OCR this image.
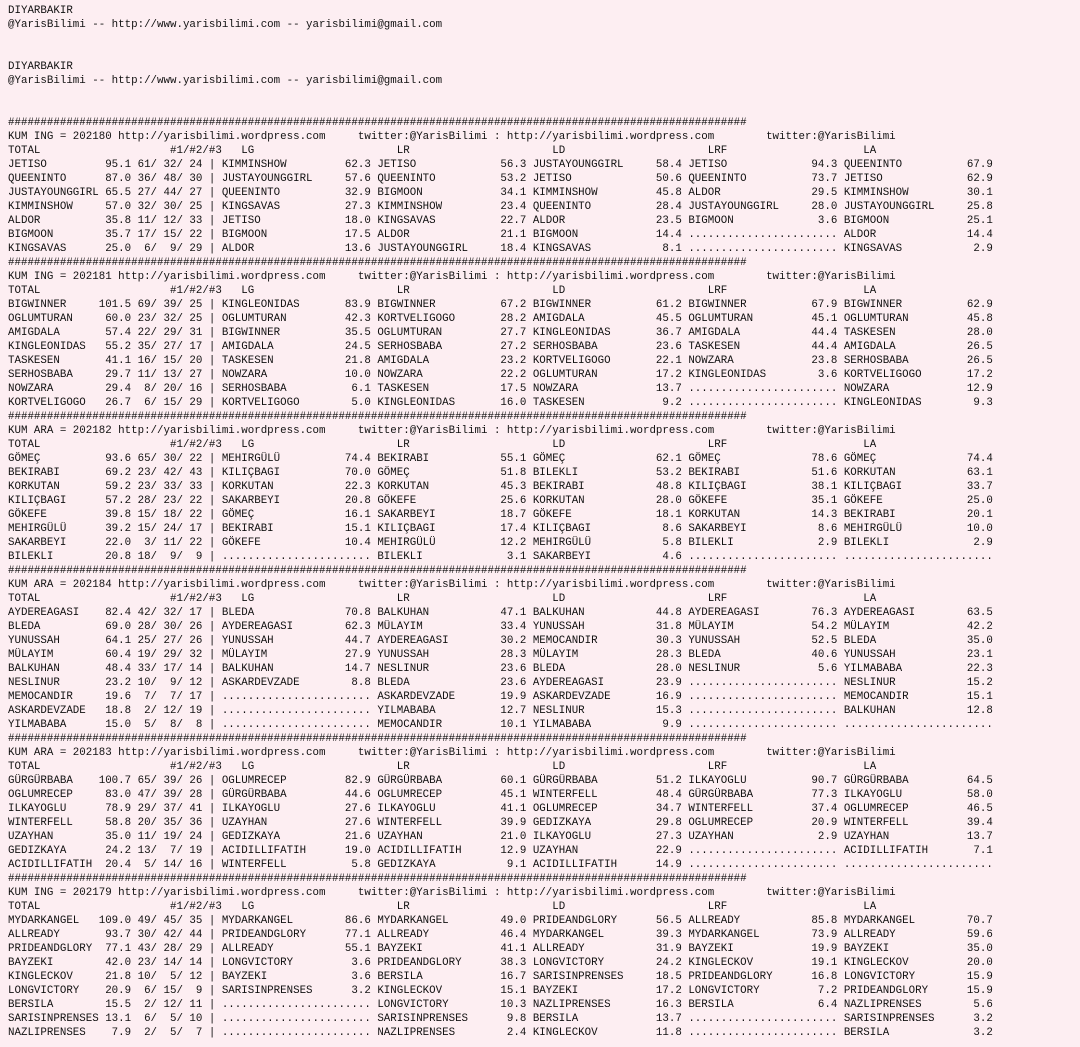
DIYARBAKIR
@YarisBilimi -- http://www.yarisbilimi.com -- yarisbilimi@gmail.com

DIYARBAKIR
@YarisBilimi -- http://www.yarisbilimi.com -- yarisbilimi@gmail.com

##################################################################################################################
KUM ING = 202180 http://yarisbilimi.wordpress.com     twitter:@YarisBilimi : http://yarisbilimi.wordpress.com        twitter:@YarisBilimi
TOTAL                    #1/#2/#3   LG                      LR                      LD                      LRF                     LA
JETISO         95.1 61/ 32/ 24 | KIMMINSHOW         62.3 JETISO             56.3 JUSTAYOUNGGIRL     58.4 JETISO             94.3 QUEENINTO          67.9
QUEENINTO      87.0 36/ 48/ 30 | JUSTAYOUNGGIRL     57.6 QUEENINTO          53.2 JETISO             50.6 QUEENINTO          73.7 JETISO             62.9
JUSTAYOUNGGIRL 65.5 27/ 44/ 27 | QUEENINTO          32.9 BIGMOON            34.1 KIMMINSHOW         45.8 ALDOR              29.5 KIMMINSHOW         30.1
KIMMINSHOW     57.0 32/ 30/ 25 | KINGSAVAS          27.3 KIMMINSHOW         23.4 QUEENINTO          28.4 JUSTAYOUNGGIRL     28.0 JUSTAYOUNGGIRL     25.8
ALDOR          35.8 11/ 12/ 33 | JETISO             18.0 KINGSAVAS          22.7 ALDOR              23.5 BIGMOON             3.6 BIGMOON            25.1
BIGMOON        35.7 17/ 15/ 22 | BIGMOON            17.5 ALDOR              21.1 BIGMOON            14.4 ....................... ALDOR              14.4
KINGSAVAS      25.0  6/  9/ 29 | ALDOR              13.6 JUSTAYOUNGGIRL     18.4 KINGSAVAS           8.1 ....................... KINGSAVAS           2.9
##################################################################################################################
KUM ING = 202181 http://yarisbilimi.wordpress.com     twitter:@YarisBilimi : http://yarisbilimi.wordpress.com        twitter:@YarisBilimi
TOTAL                    #1/#2/#3   LG                      LR                      LD                      LRF                     LA
BIGWINNER     101.5 69/ 39/ 25 | KINGLEONIDAS       83.9 BIGWINNER          67.2 BIGWINNER          61.2 BIGWINNER          67.9 BIGWINNER          62.9
OGLUMTURAN     60.0 23/ 32/ 25 | OGLUMTURAN         42.3 KORTVELIGOGO       28.2 AMIGDALA           45.5 OGLUMTURAN         45.1 OGLUMTURAN         45.8
AMIGDALA       57.4 22/ 29/ 31 | BIGWINNER          35.5 OGLUMTURAN         27.7 KINGLEONIDAS       36.7 AMIGDALA           44.4 TASKESEN           28.0
KINGLEONIDAS   55.2 35/ 27/ 17 | AMIGDALA           24.5 SERHOSBABA         27.2 SERHOSBABA         23.6 TASKESEN           44.4 AMIGDALA           26.5
TASKESEN       41.1 16/ 15/ 20 | TASKESEN           21.8 AMIGDALA           23.2 KORTVELIGOGO       22.1 NOWZARA            23.8 SERHOSBABA         26.5
SERHOSBABA     29.7 11/ 13/ 27 | NOWZARA            10.0 NOWZARA            22.2 OGLUMTURAN         17.2 KINGLEONIDAS        3.6 KORTVELIGOGO       17.2
NOWZARA        29.4  8/ 20/ 16 | SERHOSBABA          6.1 TASKESEN           17.5 NOWZARA            13.7 ....................... NOWZARA            12.9
KORTVELIGOGO   26.7  6/ 15/ 29 | KORTVELIGOGO        5.0 KINGLEONIDAS       16.0 TASKESEN            9.2 ....................... KINGLEONIDAS        9.3
##################################################################################################################
KUM ARA = 202182 http://yarisbilimi.wordpress.com     twitter:@YarisBilimi : http://yarisbilimi.wordpress.com        twitter:@YarisBilimi
TOTAL                    #1/#2/#3   LG                      LR                      LD                      LRF                     LA
GÖMEÇ          93.6 65/ 30/ 22 | MEHIRGÜLÜ          74.4 BEKIRABI           55.1 GÖMEÇ              62.1 GÖMEÇ              78.6 GÖMEÇ              74.4
BEKIRABI       69.2 23/ 42/ 43 | KILIÇBAGI          70.0 GÖMEÇ              51.8 BILEKLI            53.2 BEKIRABI           51.6 KORKUTAN           63.1
KORKUTAN       59.2 23/ 33/ 33 | KORKUTAN           22.3 KORKUTAN           45.3 BEKIRABI           48.8 KILIÇBAGI          38.1 KILIÇBAGI          33.7
KILIÇBAGI      57.2 28/ 23/ 22 | SAKARBEYI          20.8 GÖKEFE             25.6 KORKUTAN           28.0 GÖKEFE             35.1 GÖKEFE             25.0
GÖKEFE         39.8 15/ 18/ 22 | GÖMEÇ              16.1 SAKARBEYI          18.7 GÖKEFE             18.1 KORKUTAN           14.3 BEKIRABI           20.1
MEHIRGÜLÜ      39.2 15/ 24/ 17 | BEKIRABI           15.1 KILIÇBAGI          17.4 KILIÇBAGI           8.6 SAKARBEYI           8.6 MEHIRGÜLÜ          10.0
SAKARBEYI      22.0  3/ 11/ 22 | GÖKEFE             10.4 MEHIRGÜLÜ          12.2 MEHIRGÜLÜ           5.8 BILEKLI             2.9 BILEKLI             2.9
BILEKLI        20.8 18/  9/  9 | ....................... BILEKLI             3.1 SAKARBEYI           4.6 ....................... .......................
##################################################################################################################
KUM ARA = 202184 http://yarisbilimi.wordpress.com     twitter:@YarisBilimi : http://yarisbilimi.wordpress.com        twitter:@YarisBilimi
TOTAL                    #1/#2/#3   LG                      LR                      LD                      LRF                     LA
AYDEREAGASI    82.4 42/ 32/ 17 | BLEDA              70.8 BALKUHAN           47.1 BALKUHAN           44.8 AYDEREAGASI        76.3 AYDEREAGASI        63.5
BLEDA          69.0 28/ 30/ 26 | AYDEREAGASI        62.3 MÜLAYIM            33.4 YUNUSSAH           31.8 MÜLAYIM            54.2 MÜLAYIM            42.2
YUNUSSAH       64.1 25/ 27/ 26 | YUNUSSAH           44.7 AYDEREAGASI        30.2 MEMOCANDIR         30.3 YUNUSSAH           52.5 BLEDA              35.0
MÜLAYIM        60.4 19/ 29/ 32 | MÜLAYIM            27.9 YUNUSSAH           28.3 MÜLAYIM            28.3 BLEDA              40.6 YUNUSSAH           23.1
BALKUHAN       48.4 33/ 17/ 14 | BALKUHAN           14.7 NESLINUR           23.6 BLEDA              28.0 NESLINUR            5.6 YILMABABA          22.3
NESLINUR       23.2 10/  9/ 12 | ASKARDEVZADE        8.8 BLEDA              23.6 AYDEREAGASI        23.9 ....................... NESLINUR           15.2
MEMOCANDIR     19.6  7/  7/ 17 | ....................... ASKARDEVZADE       19.9 ASKARDEVZADE       16.9 ....................... MEMOCANDIR         15.1
ASKARDEVZADE   18.8  2/ 12/ 19 | ....................... YILMABABA          12.7 NESLINUR           15.3 ....................... BALKUHAN           12.8
YILMABABA      15.0  5/  8/  8 | ....................... MEMOCANDIR         10.1 YILMABABA           9.9 ....................... .......................
##################################################################################################################
KUM ARA = 202183 http://yarisbilimi.wordpress.com     twitter:@YarisBilimi : http://yarisbilimi.wordpress.com        twitter:@YarisBilimi
TOTAL                    #1/#2/#3   LG                      LR                      LD                      LRF                     LA
GÜRGÜRBABA    100.7 65/ 39/ 26 | OGLUMRECEP         82.9 GÜRGÜRBABA         60.1 GÜRGÜRBABA         51.2 ILKAYOGLU          90.7 GÜRGÜRBABA         64.5
OGLUMRECEP     83.0 47/ 39/ 28 | GÜRGÜRBABA         44.6 OGLUMRECEP         45.1 WINTERFELL         48.4 GÜRGÜRBABA         77.3 ILKAYOGLU          58.0
ILKAYOGLU      78.9 29/ 37/ 41 | ILKAYOGLU          27.6 ILKAYOGLU          41.1 OGLUMRECEP         34.7 WINTERFELL         37.4 OGLUMRECEP         46.5
WINTERFELL     58.8 20/ 35/ 36 | UZAYHAN            27.6 WINTERFELL         39.9 GEDIZKAYA          29.8 OGLUMRECEP         20.9 WINTERFELL         39.4
UZAYHAN        35.0 11/ 19/ 24 | GEDIZKAYA          21.6 UZAYHAN            21.0 ILKAYOGLU          27.3 UZAYHAN             2.9 UZAYHAN            13.7
GEDIZKAYA      24.2 13/  7/ 19 | ACIDILLIFATIH      19.0 ACIDILLIFATIH      12.9 UZAYHAN            22.9 ....................... ACIDILLIFATIH       7.1
ACIDILLIFATIH  20.4  5/ 14/ 16 | WINTERFELL          5.8 GEDIZKAYA           9.1 ACIDILLIFATIH      14.9 ....................... .......................
##################################################################################################################
KUM ING = 202179 http://yarisbilimi.wordpress.com     twitter:@YarisBilimi : http://yarisbilimi.wordpress.com        twitter:@YarisBilimi
TOTAL                    #1/#2/#3   LG                      LR                      LD                      LRF                     LA
MYDARKANGEL   109.0 49/ 45/ 35 | MYDARKANGEL        86.6 MYDARKANGEL        49.0 PRIDEANDGLORY      56.5 ALLREADY           85.8 MYDARKANGEL        70.7
ALLREADY       93.7 30/ 42/ 44 | PRIDEANDGLORY      77.1 ALLREADY           46.4 MYDARKANGEL        39.3 MYDARKANGEL        73.9 ALLREADY           59.6
PRIDEANDGLORY  77.1 43/ 28/ 29 | ALLREADY           55.1 BAYZEKI            41.1 ALLREADY           31.9 BAYZEKI            19.9 BAYZEKI            35.0
BAYZEKI        42.0 23/ 14/ 14 | LONGVICTORY         3.6 PRIDEANDGLORY      38.3 LONGVICTORY        24.2 KINGLECKOV         19.1 KINGLECKOV         20.0
KINGLECKOV     21.8 10/  5/ 12 | BAYZEKI             3.6 BERSILA            16.7 SARISINPRENSES     18.5 PRIDEANDGLORY      16.8 LONGVICTORY        15.9
LONGVICTORY    20.9  6/ 15/  9 | SARISINPRENSES      3.2 KINGLECKOV         15.1 BAYZEKI            17.2 LONGVICTORY         7.2 PRIDEANDGLORY      15.9
BERSILA        15.5  2/ 12/ 11 | ....................... LONGVICTORY        10.3 NAZLIPRENSES       16.3 BERSILA             6.4 NAZLIPRENSES        5.6
SARISINPRENSES 13.1  6/  5/ 10 | ....................... SARISINPRENSES      9.8 BERSILA            13.7 ....................... SARISINPRENSES      3.2
NAZLIPRENSES    7.9  2/  5/  7 | ....................... NAZLIPRENSES        2.4 KINGLECKOV         11.8 ....................... BERSILA             3.2
